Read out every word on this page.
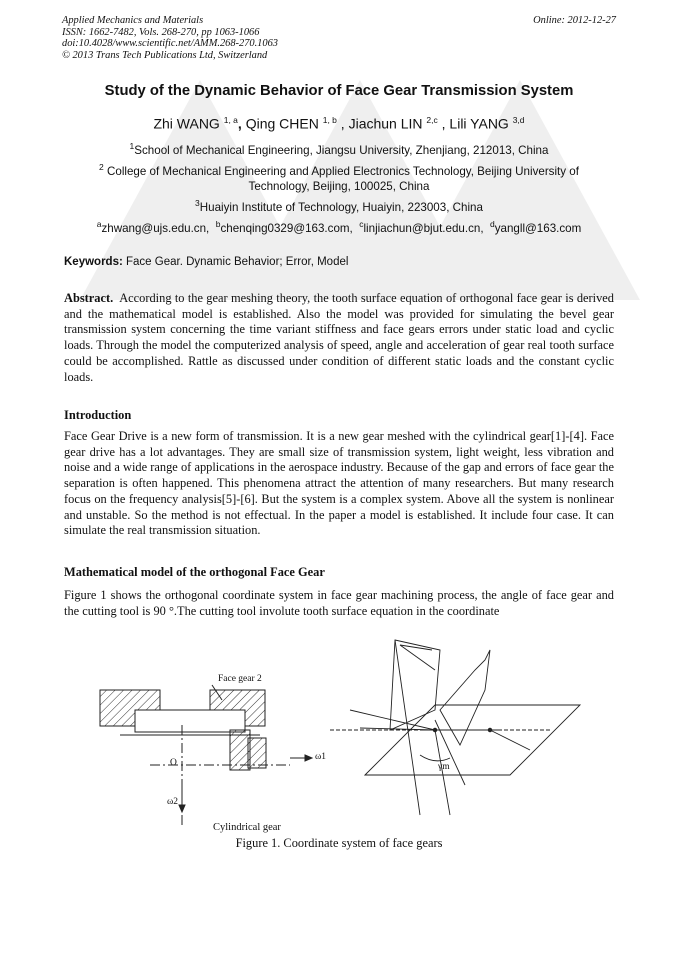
Applied Mechanics and Materials
ISSN: 1662-7482, Vols. 268-270, pp 1063-1066
doi:10.4028/www.scientific.net/AMM.268-270.1063
© 2013 Trans Tech Publications Ltd, Switzerland
Online: 2012-12-27
Study of the Dynamic Behavior of Face Gear Transmission System
Zhi WANG $^{1, a}$, Qing CHEN $^{1, b}$ , Jiachun LIN $^{2,c}$ , Lili YANG $^{3,d}$
$^1$School of Mechanical Engineering, Jiangsu University, Zhenjiang, 212013, China
$^2$ College of Mechanical Engineering and Applied Electronics Technology, Beijing University of Technology, Beijing, 100025, China
$^3$Huaiyin Institute of Technology, Huaiyin, 223003, China
$^a$zhwang@ujs.edu.cn, $^b$chenqing0329@163.com, $^c$linjiachun@bjut.edu.cn, $^d$yangll@163.com
Keywords: Face Gear. Dynamic Behavior; Error, Model
Abstract. According to the gear meshing theory, the tooth surface equation of orthogonal face gear is derived and the mathematical model is established. Also the model was provided for simulating the bevel gear transmission system concerning the time variant stiffness and face gears errors under static load and cyclic loads. Through the model the computerized analysis of speed, angle and acceleration of gear real tooth surface could be accomplished. Rattle as discussed under condition of different static loads and the constant cyclic loads.
Introduction
Face Gear Drive is a new form of transmission. It is a new gear meshed with the cylindrical gear[1]-[4]. Face gear drive has a lot advantages. They are small size of transmission system, light weight, less vibration and noise and a wide range of applications in the aerospace industry. Because of the gap and errors of face gear the separation is often happened. This phenomena attract the attention of many researchers. But many research focus on the frequency analysis[5]-[6]. But the system is a complex system. Above all the system is nonlinear and unstable. So the method is not effectual. In the paper a model is established. It include four case. It can simulate the real transmission situation.
Mathematical model of the orthogonal Face Gear
Figure 1 shows the orthogonal coordinate system in face gear machining process, the angle of face gear and the cutting tool is 90 °.The cutting tool involute tooth surface equation in the coordinate
Face gear 2
O
ω1
ω2
γm
Cylindrical gear
Figure 1. Coordinate system of face gears
